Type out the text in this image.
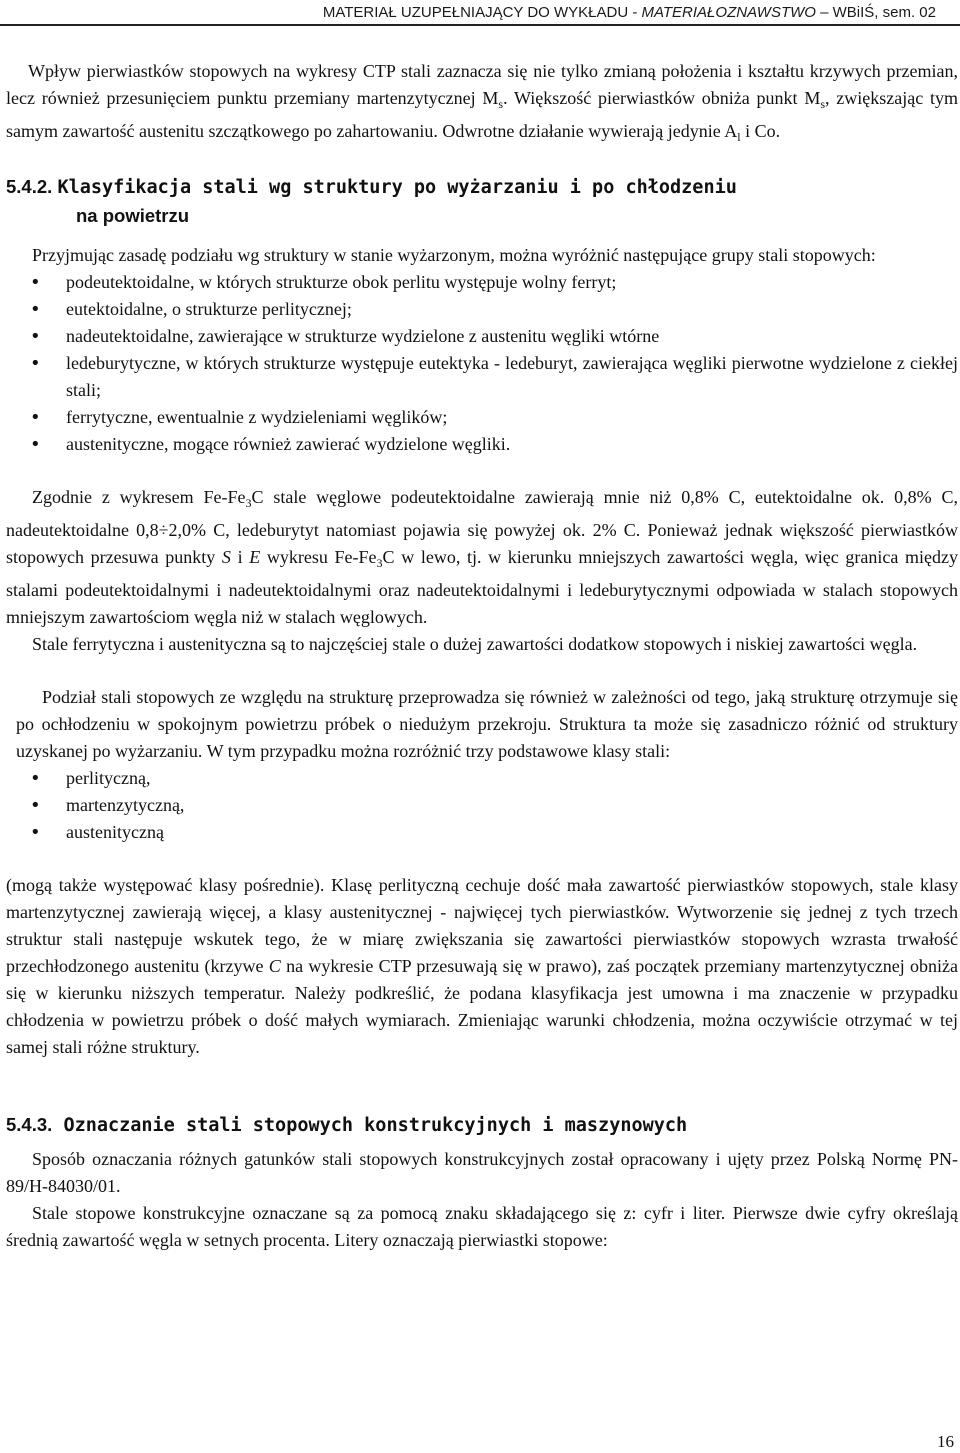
MATERIAŁ UZUPEŁNIAJĄCY DO WYKŁADU - MATERIAŁOZNAWSTWO – WBiIŚ, sem. 02

Wpływ pierwiastków stopowych na wykresy CTP stali zaznacza się nie tylko zmianą położenia i kształtu krzywych przemian, lecz również przesunięciem punktu przemiany martenzytycznej $M_s$. Większość pierwiastków obniża punkt $M_s$, zwiększając tym samym zawartość austenitu szczątkowego po zahartowaniu. Odwrotne działanie wywierają jedynie $A_l$ i Co.

5.4.2. Klasyfikacja stali wg struktury po wyżarzaniu i po chłodzeniu
na powietrzu

Przyjmując zasadę podziału wg struktury w stanie wyżarzonym, można wyróżnić następujące grupy stali stopowych:

• podeutektoidalne, w których strukturze obok perlitu występuje wolny ferryt;
• eutektoidalne, o strukturze perlitycznej;
• nadeutektoidalne, zawierające w strukturze wydzielone z austenitu węgliki wtórne
• ledeburytyczne, w których strukturze występuje eutektyka - ledeburyt, zawierająca węgliki pierwotne wydzielone z ciekłej stali;
• ferrytyczne, ewentualnie z wydzieleniami węglików;
• austenityczne, mogące również zawierać wydzielone węgliki.

Zgodnie z wykresem $Fe-Fe_3C$ stale węglowe podeutektoidalne zawierają mnie niż 0,8% C, eutektoidalne ok. 0,8% C, nadeutektoidalne 0,8÷2,0% C, ledeburytyt natomiast pojawia się powyżej ok. 2% C. Ponieważ jednak większość pierwiastków stopowych przesuwa punkty S i E wykresu $Fe-Fe_3C$ w lewo, tj. w kierunku mniejszych zawartości węgla, więc granica między stalami podeutektoidalnymi i nadeutektoidalnymi oraz nadeutektoidalnymi i ledeburytycznymi odpowiada w stalach stopowych mniejszym zawartościom węgla niż w stalach węglowych.

Stale ferrytyczna i austenityczna są to najczęściej stale o dużej zawartości dodatkow stopowych i niskiej zawartości węgla.

Podział stali stopowych ze względu na strukturę przeprowadza się również w zależności od tego, jaką strukturę otrzymuje się po ochłodzeniu w spokojnym powietrzu próbek o niedużym przekroju. Struktura ta może się zasadniczo różnić od struktury uzyskanej po wyżarzaniu. W tym przypadku można rozróżnić trzy podstawowe klasy stali:

• perlityczną,
• martenzytyczną,
• austenityczną

(mogą także występować klasy pośrednie). Klasę perlityczną cechuje dość mała zawartość pierwiastków stopowych, stale klasy martenzytycznej zawierają więcej, a klasy austenitycznej - najwięcej tych pierwiastków. Wytworzenie się jednej z tych trzech struktur stali następuje wskutek tego, że w miarę zwiększania się zawartości pierwiastków stopowych wzrasta trwałość przechłodzonego austenitu (krzywe C na wykresie CTP przesuwają się w prawo), zaś początek przemiany martenzytycznej obniża się w kierunku niższych temperatur. Należy podkreślić, że podana klasyfikacja jest umowna i ma znaczenie w przypadku chłodzenia w powietrzu próbek o dość małych wymiarach. Zmieniając warunki chłodzenia, można oczywiście otrzymać w tej samej stali różne struktury.

5.4.3. Oznaczanie stali stopowych konstrukcyjnych i maszynowych

Sposób oznaczania różnych gatunków stali stopowych konstrukcyjnych został opracowany i ujęty przez Polską Normę PN-89/H-84030/01.

Stale stopowe konstrukcyjne oznaczane są za pomocą znaku składającego się z: cyfr i liter. Pierwsze dwie cyfry określają średnią zawartość węgla w setnych procenta. Litery oznaczają pierwiastki stopowe:

16
